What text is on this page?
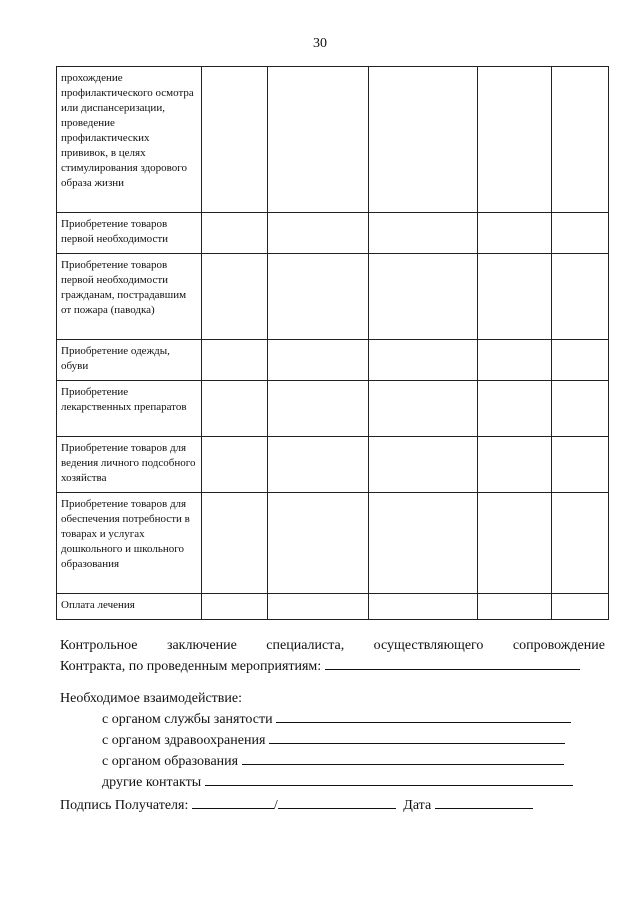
30
прохождение профилактического осмотра или диспансеризации, проведение профилактических прививок, в целях стимулирования здорового образа жизни					
Приобретение товаров первой необходимости					
Приобретение товаров первой необходимости гражданам, пострадавшим от пожара (паводка)					
Приобретение одежды, обуви					
Приобретение лекарственных препаратов					
Приобретение товаров для ведения личного подсобного хозяйства					
Приобретение товаров для обеспечения потребности в товарах и услугах дошкольного и школьного образования					
Оплата лечения					
Контрольное заключение специалиста, осуществляющего сопровождение
Контракта, по проведенным мероприятиям:
Необходимое взаимодействие:
с органом службы занятости
с органом здравоохранения
с органом образования
другие контакты
Подпись Получателя:	/	Дата
